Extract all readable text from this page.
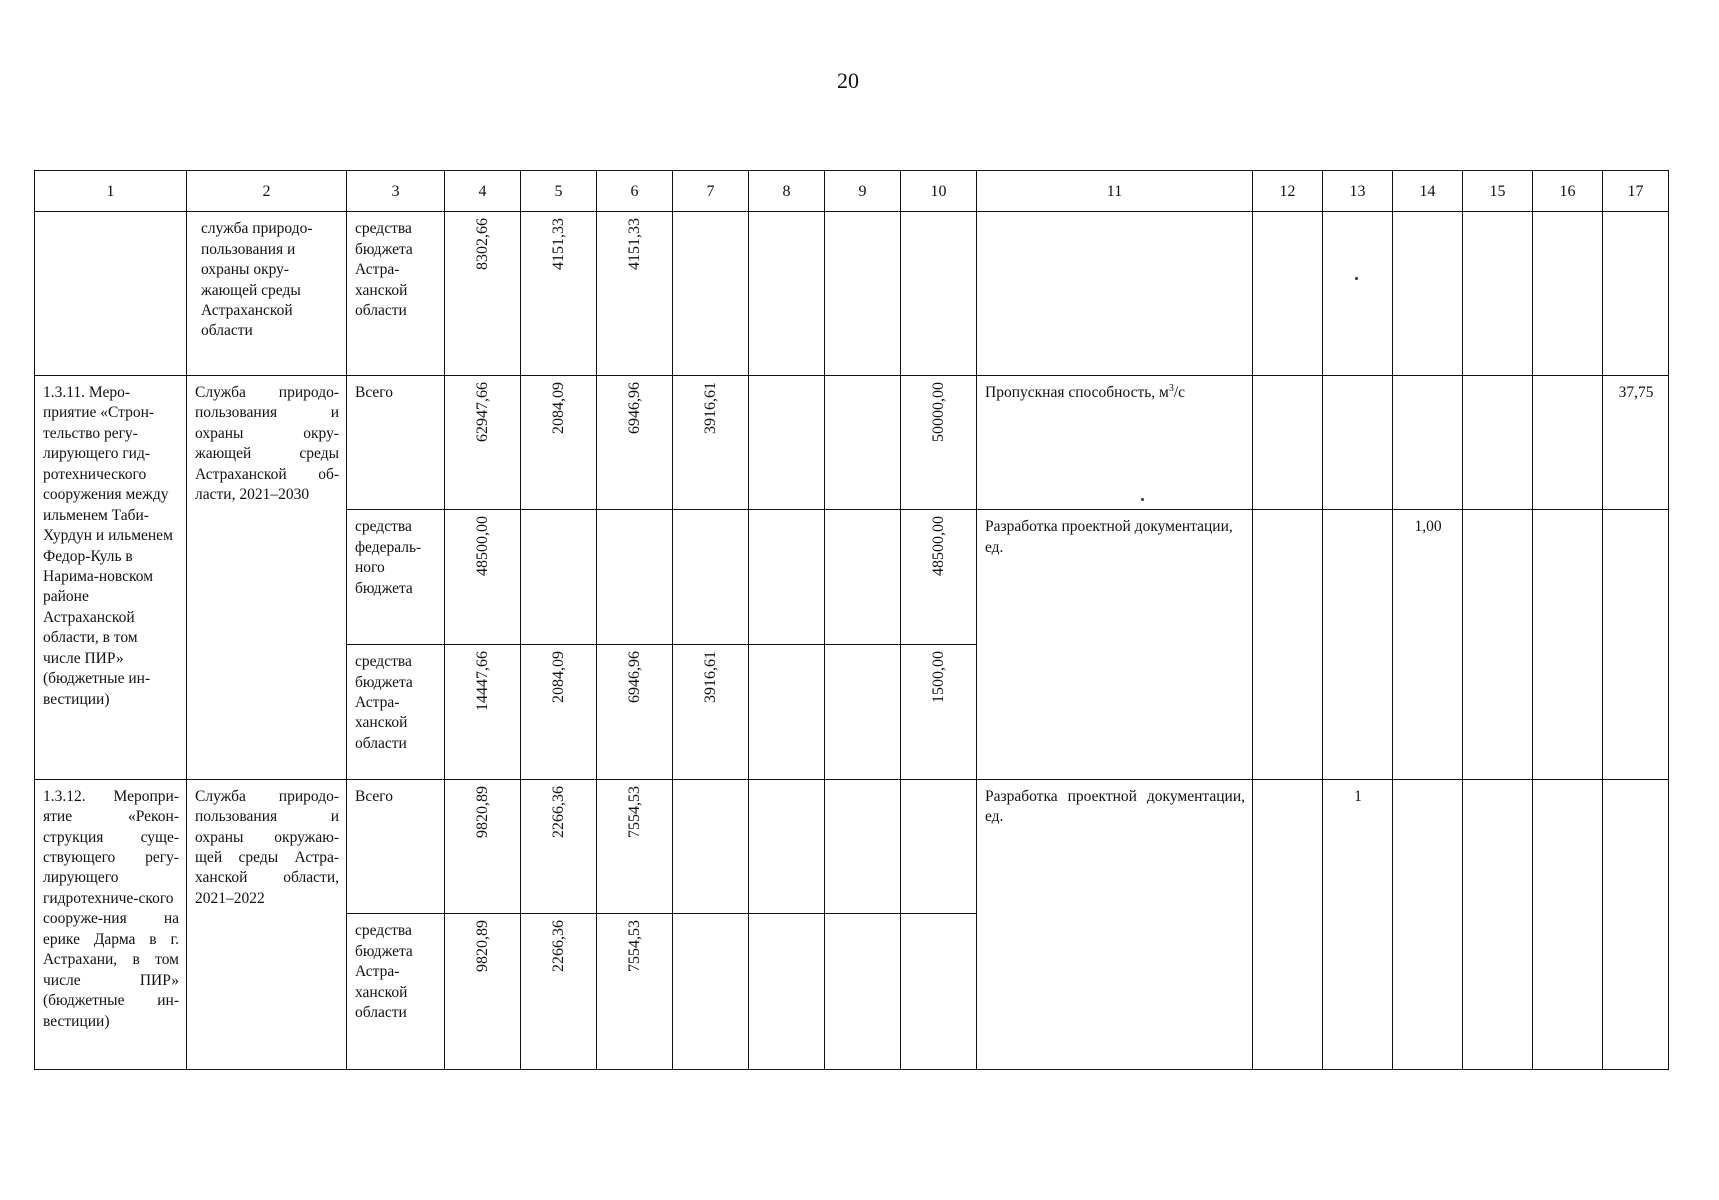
20
1	2	3	4	5	6	7	8	9	10	11	12	13	14	15	16	17
	служба природо-пользования и охраны окру-жающей среды Астраханской области	средства бюджета Астра-ханской области	8302,66	4151,33	4151,33											
1.3.11. Меро-приятие «Строн-тельство регу-лирующего гид-ротехнического сооружения между ильменем Таби-Хурдун и ильменем Федор-Куль в Нарима-новском районе Астраханской области, в том числе ПИР» (бюджетные ин-вестиции)	Служба природо-пользования и охраны окру-жающей среды Астраханской об-ласти, 2021–2030	Всего	62947,66	2084,09	6946,96	3916,61			50000,00	Пропускная способность, $м^3/с$						37,75
		средства федераль-ного бюджета	48500,00						48500,00	Разработка проектной документации, ед.			1,00			
		средства бюджета Астра-ханской области	14447,66	2084,09	6946,96	3916,61			1500,00							
1.3.12. Меропри-ятие «Рекон-струкция суще-ствующего регу-лирующего гидротехниче-ского сооруже-ния на ерике Дарма в г. Астрахани, в том числе ПИР» (бюджетные ин-вестиции)	Служба природо-пользования и охраны окружаю-щей среды Астра-ханской области, 2021–2022	Всего	9820,89	2266,36	7554,53					Разработка проектной документации, ед.		1				
		средства бюджета Астра-ханской области	9820,89	2266,36	7554,53											
